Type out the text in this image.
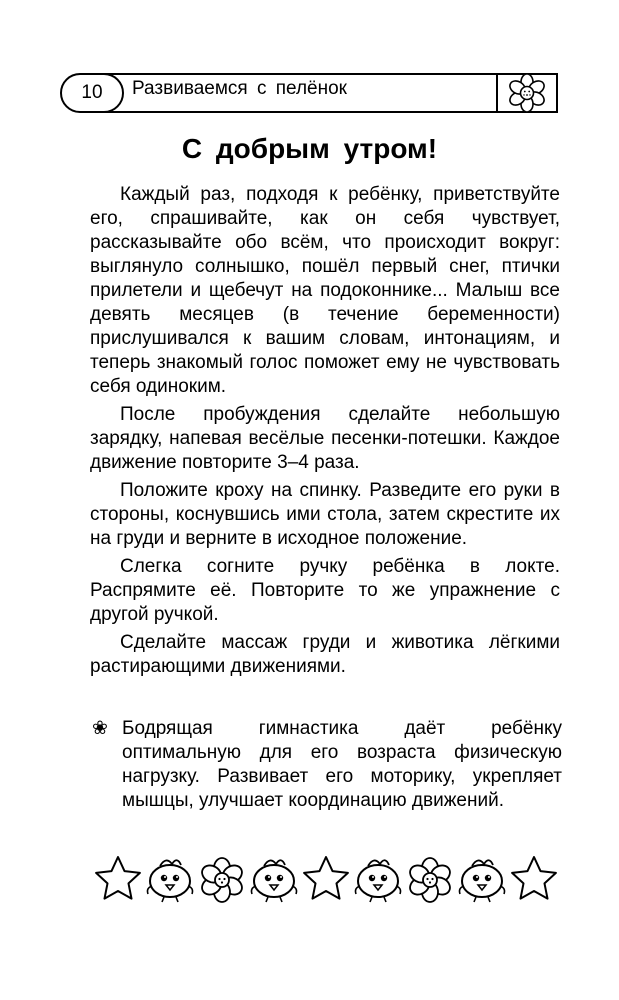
10 Развиваемся с пелёнок
С добрым утром!

Каждый раз, подходя к ребёнку, приветствуйте его, спрашивайте, как он себя чувствует, рассказывайте обо всём, что происходит вокруг: выглянуло солнышко, пошёл первый снег, птички прилетели и щебечут на подоконнике... Малыш все девять месяцев (в течение беременности) прислушивался к вашим словам, интонациям, и теперь знакомый голос поможет ему не чувствовать себя одиноким.

После пробуждения сделайте небольшую зарядку, напевая весёлые песенки-потешки. Каждое движение повторите 3–4 раза.

Положите кроху на спинку. Разведите его руки в стороны, коснувшись ими стола, затем скрестите их на груди и верните в исходное положение.

Слегка согните ручку ребёнка в локте. Распрямите её. Повторите то же упражнение с другой ручкой.

Сделайте массаж груди и животика лёгкими растирающими движениями.

❀ Бодрящая гимнастика даёт ребёнку оптимальную для его возраста физическую нагрузку. Развивает его моторику, укрепляет мышцы, улучшает координацию движений.
